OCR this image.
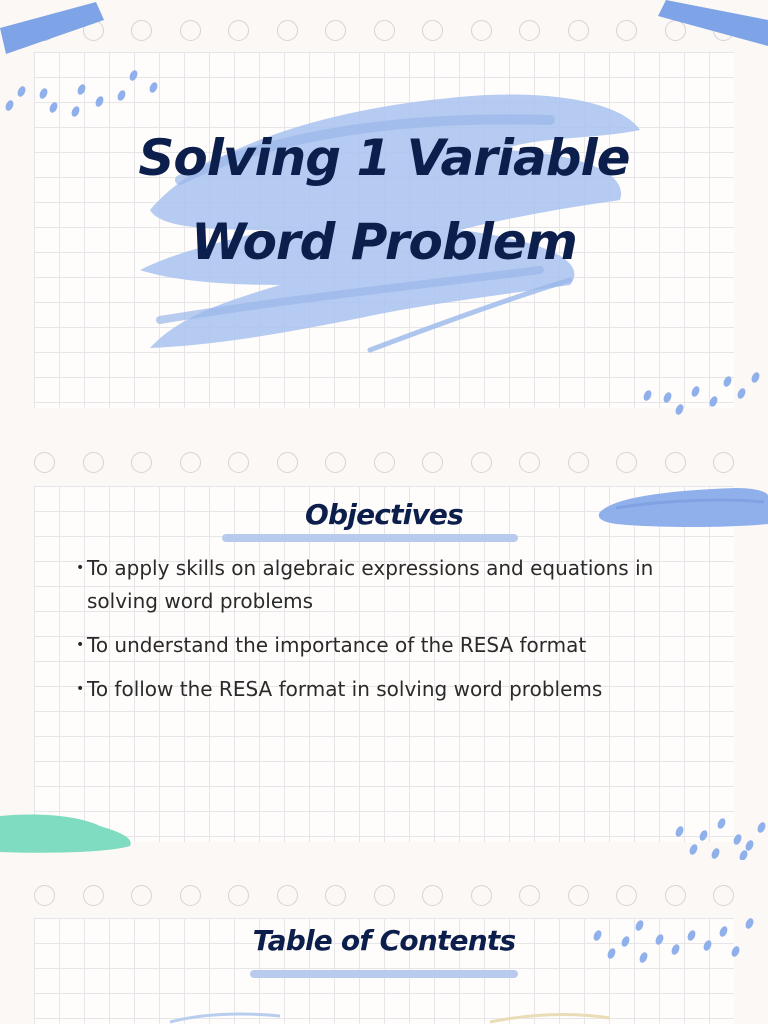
Solving 1 Variable
Word Problem
Objectives
• To apply skills on algebraic expressions and equations in solving word problems
• To understand the importance of the RESA format
• To follow the RESA format in solving word problems
Table of Contents
